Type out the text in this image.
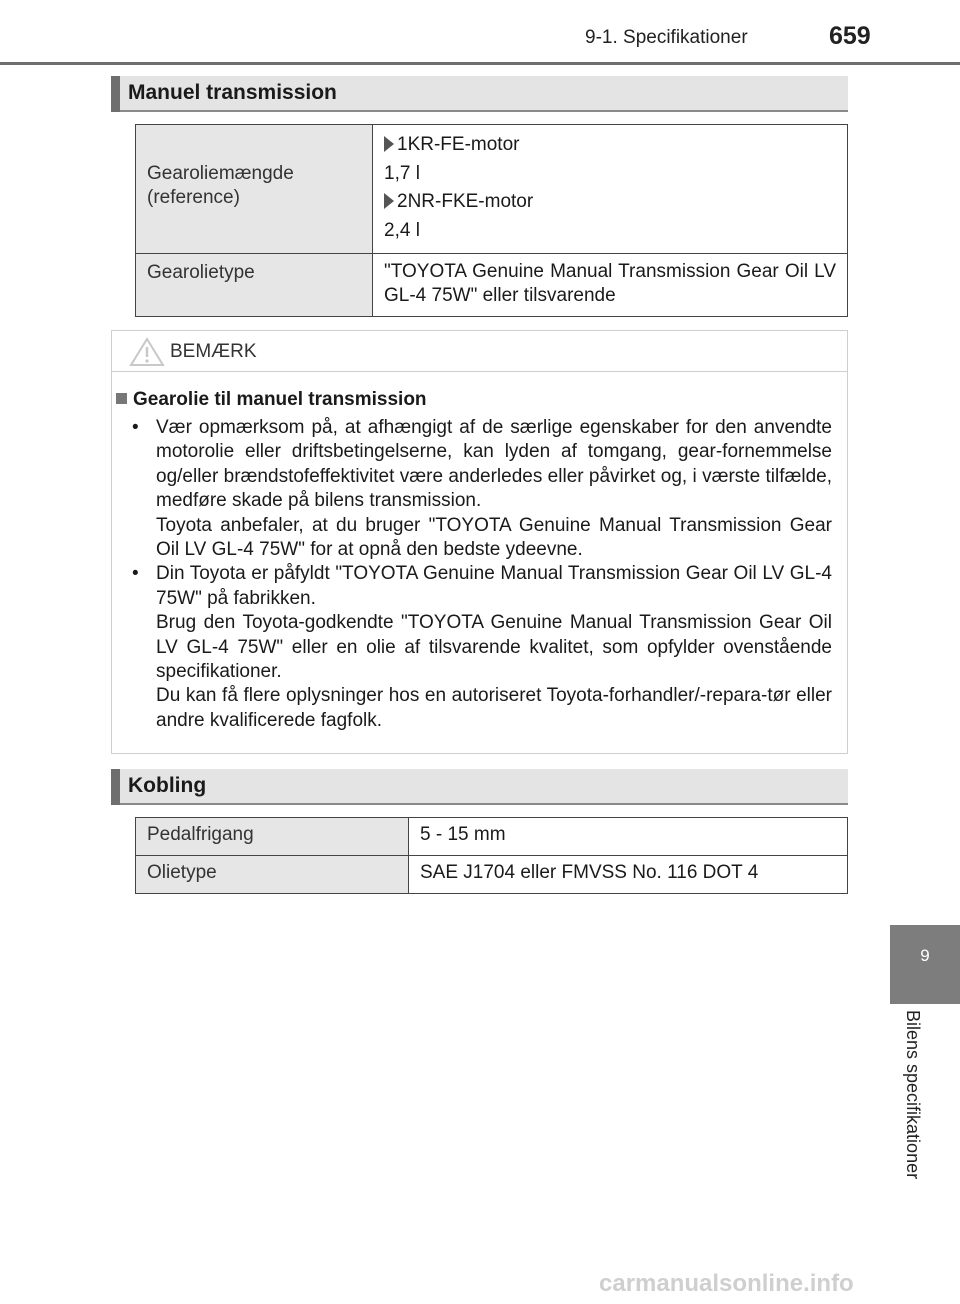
9-1. Specifikationer	659
Manuel transmission
Gearoliemængde (reference)	1KR-FE-motor
1,7 l
2NR-FKE-motor
2,4 l

Gearolietype	"TOYOTA Genuine Manual Transmission Gear Oil LV GL-4 75W" eller tilsvarende
BEMÆRK
Gearolie til manuel transmission
• Vær opmærksom på, at afhængigt af de særlige egenskaber for den anvendte motorolie eller driftsbetingelserne, kan lyden af tomgang, gear-fornemmelse og/eller brændstofeffektivitet være anderledes eller påvirket og, i værste tilfælde, medføre skade på bilens transmission.

Toyota anbefaler, at du bruger "TOYOTA Genuine Manual Transmission Gear Oil LV GL-4 75W" for at opnå den bedste ydeevne.

• Din Toyota er påfyldt "TOYOTA Genuine Manual Transmission Gear Oil LV GL-4 75W" på fabrikken.

Brug den Toyota-godkendte "TOYOTA Genuine Manual Transmission Gear Oil LV GL-4 75W" eller en olie af tilsvarende kvalitet, som opfylder ovenstående specifikationer.

Du kan få flere oplysninger hos en autoriseret Toyota-forhandler/-repara-tør eller andre kvalificerede fagfolk.

Kobling
Pedalfrigang	5 - 15 mm

Olietype	SAE J1704 eller FMVSS No. 116 DOT 4
9
Bilens specifikationer
carmanualsonline.info
